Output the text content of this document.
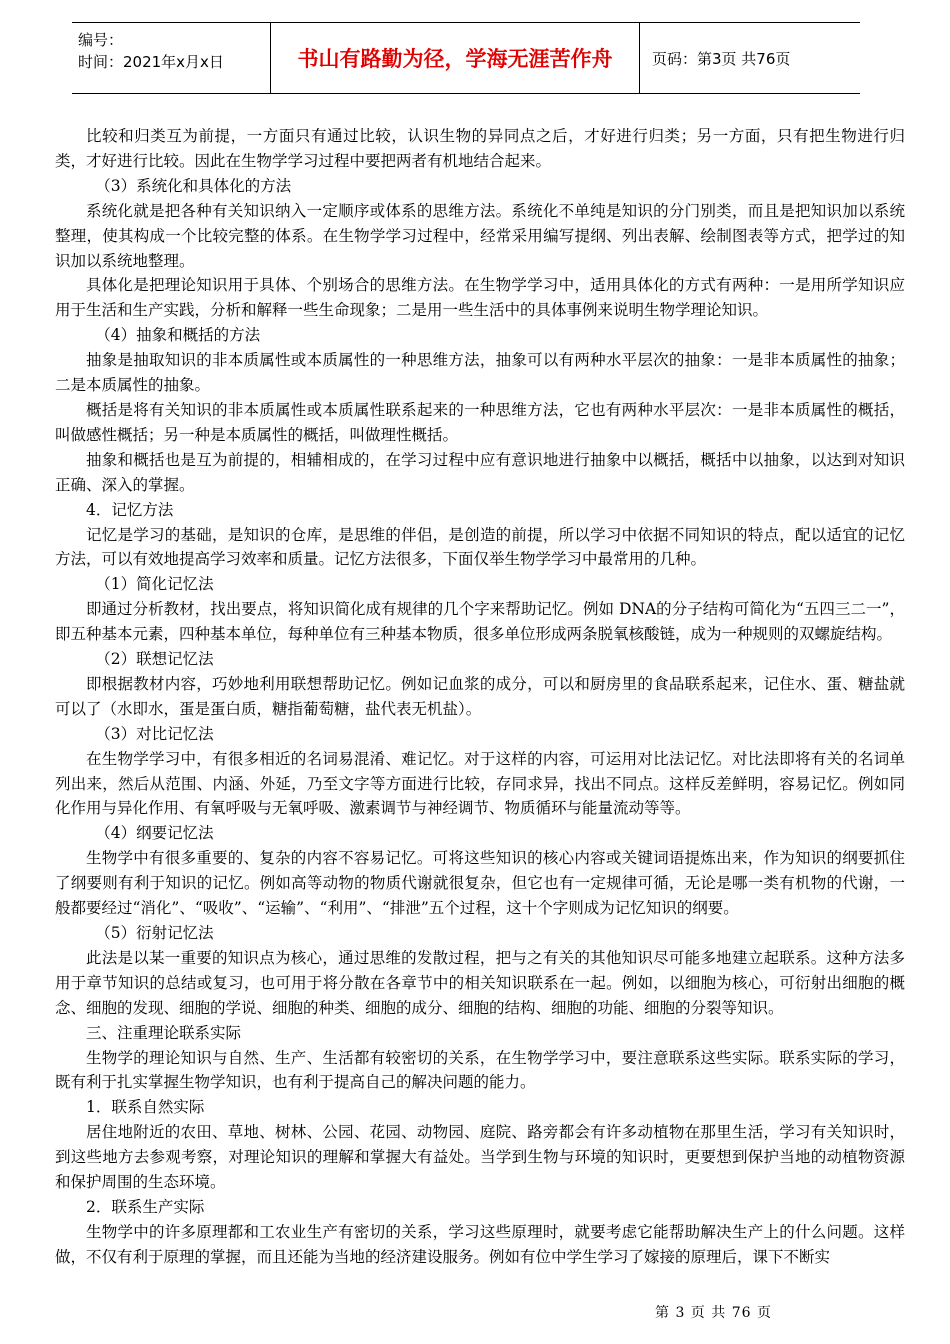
编号：
时间：2021年x月x日	书山有路勤为径，学海无涯苦作舟	页码：第3页 共76页

比较和归类互为前提，一方面只有通过比较，认识生物的异同点之后，才好进行归类；另一方面，只有把生物进行归类，才好进行比较。因此在生物学学习过程中要把两者有机地结合起来。

（3）系统化和具体化的方法

系统化就是把各种有关知识纳入一定顺序或体系的思维方法。系统化不单纯是知识的分门别类，而且是把知识加以系统整理，使其构成一个比较完整的体系。在生物学学习过程中，经常采用编写提纲、列出表解、绘制图表等方式，把学过的知识加以系统地整理。

具体化是把理论知识用于具体、个别场合的思维方法。在生物学学习中，适用具体化的方式有两种：一是用所学知识应用于生活和生产实践，分析和解释一些生命现象；二是用一些生活中的具体事例来说明生物学理论知识。

（4）抽象和概括的方法

抽象是抽取知识的非本质属性或本质属性的一种思维方法，抽象可以有两种水平层次的抽象：一是非本质属性的抽象；二是本质属性的抽象。

概括是将有关知识的非本质属性或本质属性联系起来的一种思维方法，它也有两种水平层次：一是非本质属性的概括，叫做感性概括；另一种是本质属性的概括，叫做理性概括。

抽象和概括也是互为前提的，相辅相成的，在学习过程中应有意识地进行抽象中以概括，概括中以抽象，以达到对知识正确、深入的掌握。

4．记忆方法

记忆是学习的基础，是知识的仓库，是思维的伴侣，是创造的前提，所以学习中依据不同知识的特点，配以适宜的记忆方法，可以有效地提高学习效率和质量。记忆方法很多，下面仅举生物学学习中最常用的几种。

（1）简化记忆法

即通过分析教材，找出要点，将知识简化成有规律的几个字来帮助记忆。例如 DNA的分子结构可简化为“五四三二一”，即五种基本元素，四种基本单位，每种单位有三种基本物质，很多单位形成两条脱氧核酸链，成为一种规则的双螺旋结构。

（2）联想记忆法

即根据教材内容，巧妙地利用联想帮助记忆。例如记血浆的成分，可以和厨房里的食品联系起来，记住水、蛋、糖盐就可以了（水即水，蛋是蛋白质，糖指葡萄糖，盐代表无机盐）。

（3）对比记忆法

在生物学学习中，有很多相近的名词易混淆、难记忆。对于这样的内容，可运用对比法记忆。对比法即将有关的名词单列出来，然后从范围、内涵、外延，乃至文字等方面进行比较，存同求异，找出不同点。这样反差鲜明，容易记忆。例如同化作用与异化作用、有氧呼吸与无氧呼吸、激素调节与神经调节、物质循环与能量流动等等。

（4）纲要记忆法

生物学中有很多重要的、复杂的内容不容易记忆。可将这些知识的核心内容或关键词语提炼出来，作为知识的纲要抓住了纲要则有利于知识的记忆。例如高等动物的物质代谢就很复杂，但它也有一定规律可循，无论是哪一类有机物的代谢，一般都要经过“消化”、“吸收”、“运输”、“利用”、“排泄”五个过程，这十个字则成为记忆知识的纲要。

（5）衍射记忆法

此法是以某一重要的知识点为核心，通过思维的发散过程，把与之有关的其他知识尽可能多地建立起联系。这种方法多用于章节知识的总结或复习，也可用于将分散在各章节中的相关知识联系在一起。例如，以细胞为核心，可衍射出细胞的概念、细胞的发现、细胞的学说、细胞的种类、细胞的成分、细胞的结构、细胞的功能、细胞的分裂等知识。

三、注重理论联系实际

生物学的理论知识与自然、生产、生活都有较密切的关系，在生物学学习中，要注意联系这些实际。联系实际的学习，既有利于扎实掌握生物学知识，也有利于提高自己的解决问题的能力。

1．联系自然实际

居住地附近的农田、草地、树林、公园、花园、动物园、庭院、路旁都会有许多动植物在那里生活，学习有关知识时，到这些地方去参观考察，对理论知识的理解和掌握大有益处。当学到生物与环境的知识时，更要想到保护当地的动植物资源和保护周围的生态环境。

2．联系生产实际

生物学中的许多原理都和工农业生产有密切的关系，学习这些原理时，就要考虑它能帮助解决生产上的什么问题。这样做，不仅有利于原理的掌握，而且还能为当地的经济建设服务。例如有位中学生学习了嫁接的原理后，课下不断实

第 3 页 共 76 页
